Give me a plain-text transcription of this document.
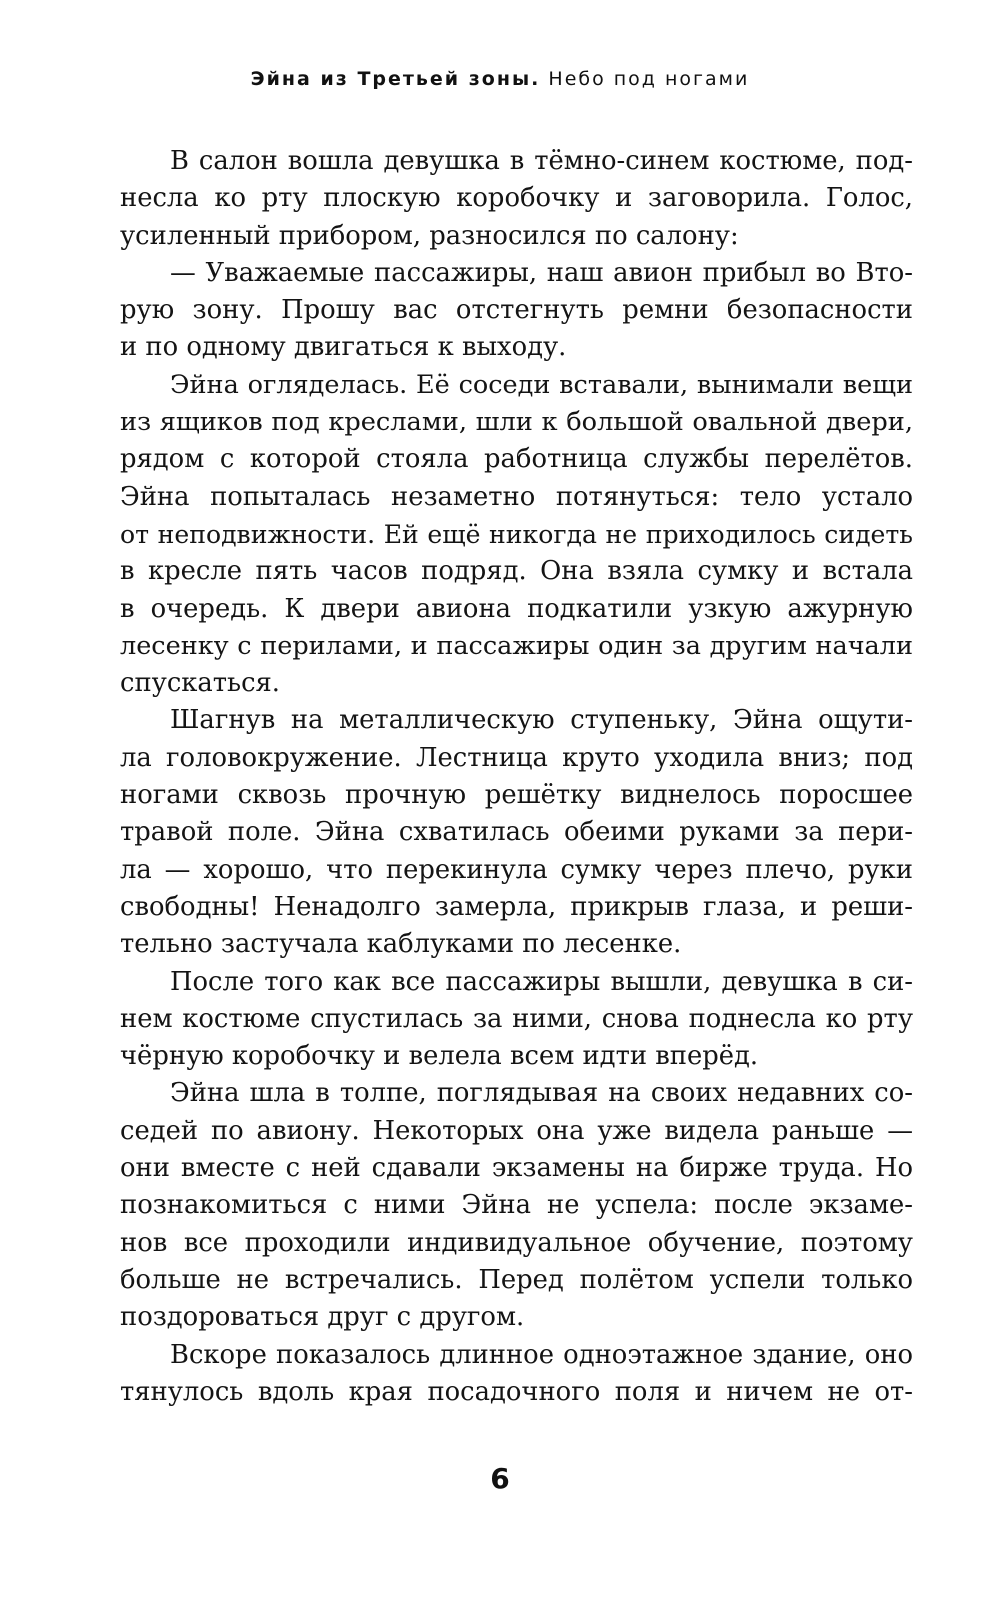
Эйна из Третьей зоны. Небо под ногами
В салон вошла девушка в тёмно-синем костюме, под-
несла ко рту плоскую коробочку и заговорила. Голос,
усиленный прибором, разносился по салону:
— Уважаемые пассажиры, наш авион прибыл во Вто-
рую зону. Прошу вас отстегнуть ремни безопасности
и по одному двигаться к выходу.
Эйна огляделась. Её соседи вставали, вынимали вещи
из ящиков под креслами, шли к большой овальной двери,
рядом с которой стояла работница службы перелётов.
Эйна попыталась незаметно потянуться: тело устало
от неподвижности. Ей ещё никогда не приходилось сидеть
в кресле пять часов подряд. Она взяла сумку и встала
в очередь. К двери авиона подкатили узкую ажурную
лесенку с перилами, и пассажиры один за другим начали
спускаться.
Шагнув на металлическую ступеньку, Эйна ощути-
ла головокружение. Лестница круто уходила вниз; под
ногами сквозь прочную решётку виднелось поросшее
травой поле. Эйна схватилась обеими руками за пери-
ла — хорошо, что перекинула сумку через плечо, руки
свободны! Ненадолго замерла, прикрыв глаза, и реши-
тельно застучала каблуками по лесенке.
После того как все пассажиры вышли, девушка в си-
нем костюме спустилась за ними, снова поднесла ко рту
чёрную коробочку и велела всем идти вперёд.
Эйна шла в толпе, поглядывая на своих недавних со-
седей по авиону. Некоторых она уже видела раньше —
они вместе с ней сдавали экзамены на бирже труда. Но
познакомиться с ними Эйна не успела: после экзаме-
нов все проходили индивидуальное обучение, поэтому
больше не встречались. Перед полётом успели только
поздороваться друг с другом.
Вскоре показалось длинное одноэтажное здание, оно
тянулось вдоль края посадочного поля и ничем не от-
6
